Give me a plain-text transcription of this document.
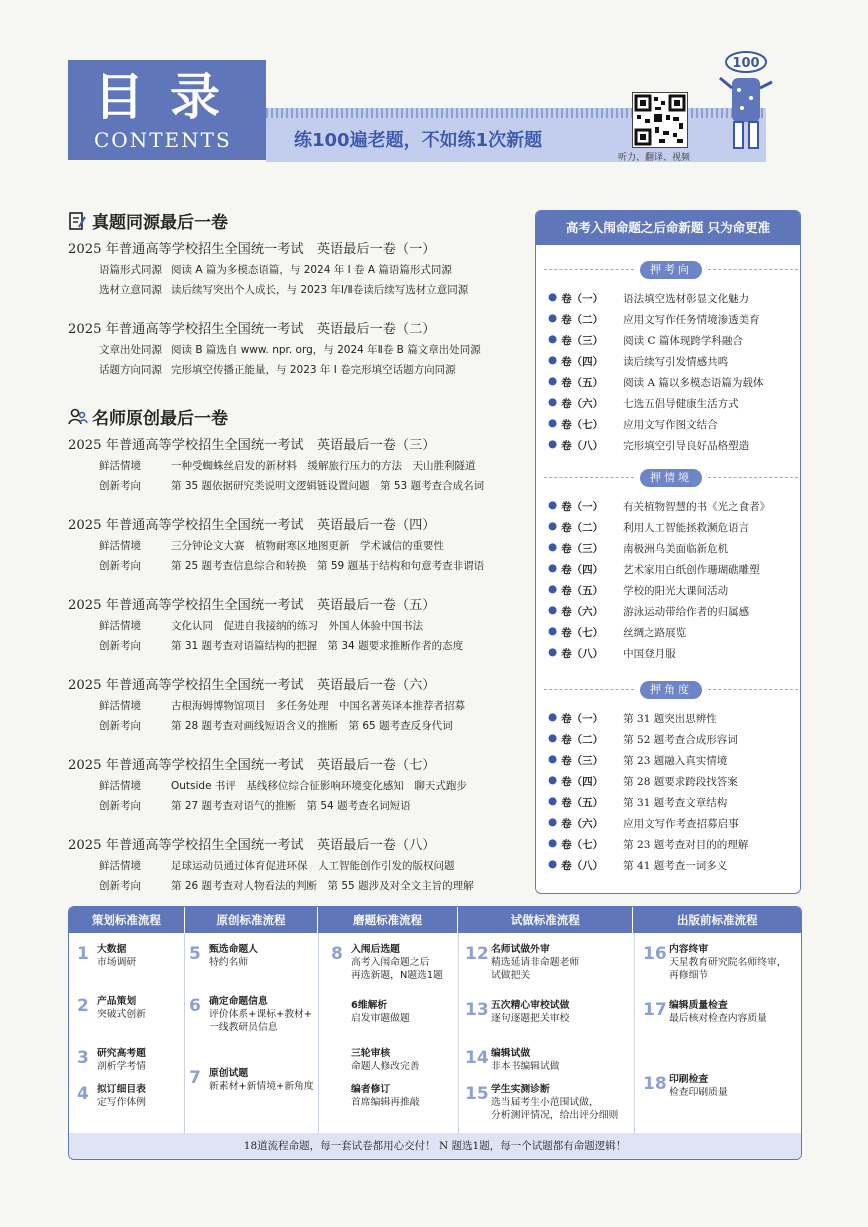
目录
CONTENTS	练100遍老题，不如练1次新题
听力、翻译、视频
100
真题同源最后一卷
2025 年普通高等学校招生全国统一考试　英语最后一卷（一）
语篇形式同源 阅读 A 篇为多模态语篇，与 2024 年 Ⅰ 卷 A 篇语篇形式同源
选材立意同源 读后续写突出个人成长，与 2023 年Ⅰ/Ⅱ卷读后续写选材立意同源
2025 年普通高等学校招生全国统一考试　英语最后一卷（二）
文章出处同源 阅读 B 篇选自 www. npr. org，与 2024 年Ⅱ卷 B 篇文章出处同源
话题方向同源 完形填空传播正能量，与 2023 年 Ⅰ 卷完形填空话题方向同源
名师原创最后一卷
2025 年普通高等学校招生全国统一考试　英语最后一卷（三）
鲜活情境	一种受蜘蛛丝启发的新材料　缓解旅行压力的方法　天山胜利隧道
创新考向	第 35 题依据研究类说明文逻辑链设置问题　第 53 题考查合成名词
2025 年普通高等学校招生全国统一考试　英语最后一卷（四）
鲜活情境	三分钟论文大赛　植物耐寒区地图更新　学术诚信的重要性
创新考向	第 25 题考查信息综合和转换　第 59 题基于结构和句意考查非谓语
2025 年普通高等学校招生全国统一考试　英语最后一卷（五）
鲜活情境	文化认同　促进自我接纳的练习　外国人体验中国书法
创新考向	第 31 题考查对语篇结构的把握　第 34 题要求推断作者的态度
2025 年普通高等学校招生全国统一考试　英语最后一卷（六）
鲜活情境	古根海姆博物馆项目　多任务处理　中国名著英译本推荐者招募
创新考向	第 28 题考查对画线短语含义的推断　第 65 题考查反身代词
2025 年普通高等学校招生全国统一考试　英语最后一卷（七）
鲜活情境	Outside 书评　基线移位综合征影响环境变化感知　聊天式跑步
创新考向	第 27 题考查对语气的推断　第 54 题考查名词短语
2025 年普通高等学校招生全国统一考试　英语最后一卷（八）
鲜活情境	足球运动员通过体育促进环保　人工智能创作引发的版权问题
创新考向	第 26 题考查对人物看法的判断　第 55 题涉及对全文主旨的理解
高考入闱命题之后命新题 只为命更准
押考向
● 卷（一）	语法填空选材彰显文化魅力
● 卷（二）	应用文写作任务情境渗透美育
● 卷（三）	阅读 C 篇体现跨学科融合
● 卷（四）	读后续写引发情感共鸣
● 卷（五）	阅读 A 篇以多模态语篇为载体
● 卷（六）	七选五倡导健康生活方式
● 卷（七）	应用文写作图文结合
● 卷（八）	完形填空引导良好品格塑造
押情境
● 卷（一）	有关植物智慧的书《光之食者》
● 卷（二）	利用人工智能拯救濒危语言
● 卷（三）	南极洲乌美面临新危机
● 卷（四）	艺术家用白纸创作珊瑚礁雕塑
● 卷（五）	学校的阳光大课间活动
● 卷（六）	游泳运动带给作者的归属感
● 卷（七）	丝绸之路展览
● 卷（八）	中国登月服
押角度
● 卷（一）	第 31 题突出思辨性
● 卷（二）	第 52 题考查合成形容词
● 卷（三）	第 23 题融入真实情境
● 卷（四）	第 28 题要求跨段找答案
● 卷（五）	第 31 题考查文章结构
● 卷（六）	应用文写作考查招募启事
● 卷（七）	第 23 题考查对目的的理解
● 卷（八）	第 41 题考查一词多义
策划标准流程	原创标准流程	磨题标准流程	试做标准流程	出版前标准流程
1 大数据
市场调研
2 产品策划
突破式创新
3 研究高考题
剖析学考情
4 拟订细目表
定写作体例
5 甄选命题人
特约名师
6 确定命题信息
评价体系+课标+教材+
一线教研员信息
7 原创试题
新素材+新情境+新角度
8 入闱后选题
高考入闱命题之后
再选新题，N题选1题
6维解析
启发审题做题
三轮审核
命题人修改完善
编者修订
首席编辑再推敲
12 名师试做外审
精选延请非命题老师
试做把关
13 五次精心审校试做
逐句逐题把关审校
14 编辑试做
非本书编辑试做
15 学生实测诊断
选当届考生小范围试做，
分析测评情况，给出评分细则
16 内容终审
天星教育研究院名师终审，
再修细节
17 编辑质量检查
最后核对检查内容质量
18 印刷检查
检查印刷质量
18道流程命题，每一套试卷都用心交付！ N 题选1题，每一个试题都有命题逻辑！
